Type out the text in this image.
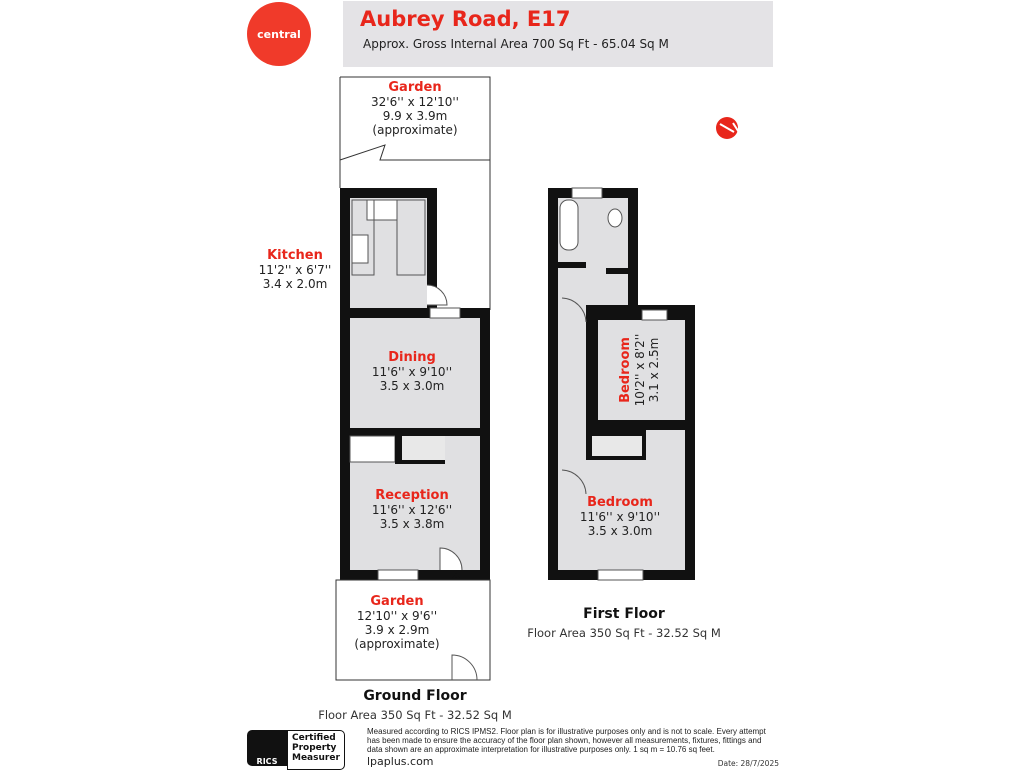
central
Aubrey Road, E17
Approx. Gross Internal Area 700 Sq Ft - 65.04 Sq M
Garden
32'6'' x 12'10''
9.9 x 3.9m
(approximate)
Kitchen
11'2'' x 6'7''
3.4 x 2.0m
Dining
11'6'' x 9'10''
3.5 x 3.0m
Reception
11'6'' x 12'6''
3.5 x 3.8m
Garden
12'10'' x 9'6''
3.9 x 2.9m
(approximate)
Bedroom 10'2'' x 8'2''
3.1 x 2.5m
Bedroom
11'6'' x 9'10''
3.5 x 3.0m
Ground Floor
Floor Area 350 Sq Ft - 32.52 Sq M
First Floor
Floor Area 350 Sq Ft - 32.52 Sq M
RICS
Certified
Property
Measurer
Measured according to RICS IPMS2. Floor plan is for illustrative purposes only and is not to scale. Every attempt has been made to ensure the accuracy of the floor plan shown, however all measurements, fixtures, fittings and data shown are an approximate interpretation for illustrative purposes only. 1 sq m = 10.76 sq feet.
lpaplus.com	Date: 28/7/2025
